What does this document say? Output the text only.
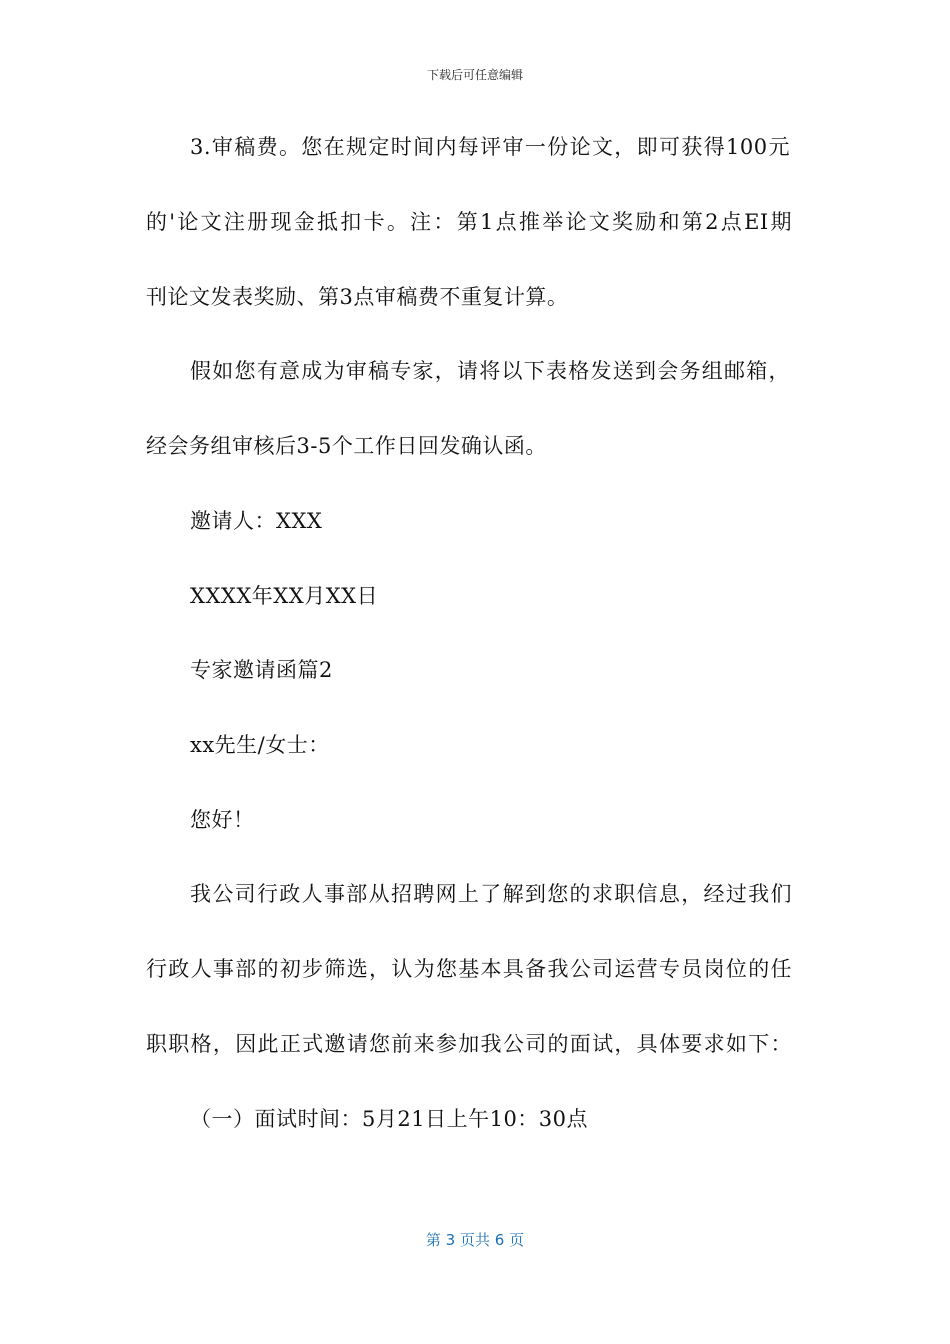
下载后可任意编辑
3.审稿费。您在规定时间内每评审一份论文，即可获得100元
的'论文注册现金抵扣卡。注：第1点推举论文奖励和第2点EI期
刊论文发表奖励、第3点审稿费不重复计算。
假如您有意成为审稿专家，请将以下表格发送到会务组邮箱，
经会务组审核后3-5个工作日回发确认函。
邀请人：XXX
XXXX年XX月XX日
专家邀请函篇2
xx先生/女士：
您好！
我公司行政人事部从招聘网上了解到您的求职信息，经过我们
行政人事部的初步筛选，认为您基本具备我公司运营专员岗位的任
职职格，因此正式邀请您前来参加我公司的面试，具体要求如下：
（一）面试时间：5月21日上午10：30点
第 3 页共 6 页
